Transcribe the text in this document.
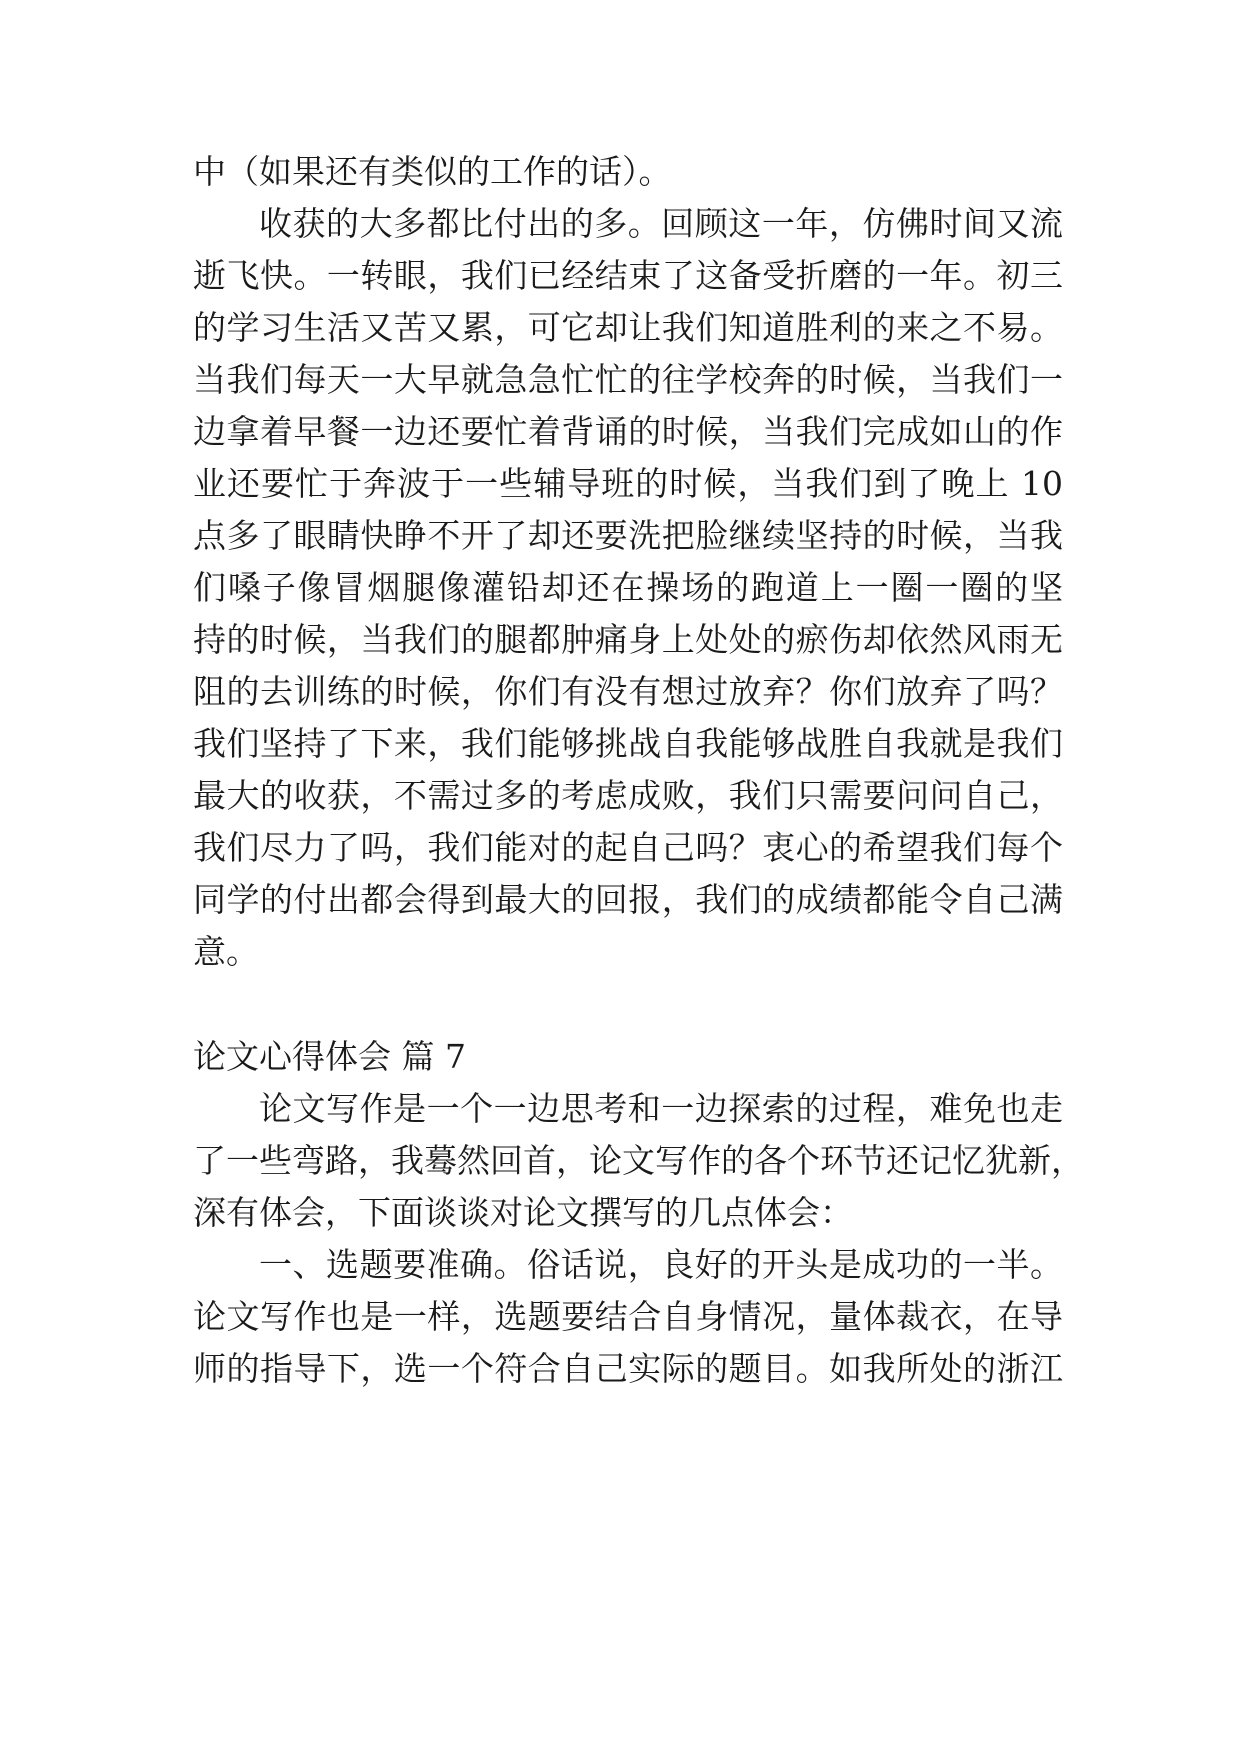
中（如果还有类似的工作的话）。
收获的大多都比付出的多。回顾这一年，仿佛时间又流
逝飞快。一转眼，我们已经结束了这备受折磨的一年。初三
的学习生活又苦又累，可它却让我们知道胜利的来之不易。
当我们每天一大早就急急忙忙的往学校奔的时候，当我们一
边拿着早餐一边还要忙着背诵的时候，当我们完成如山的作
业还要忙于奔波于一些辅导班的时候，当我们到了晚上 10
点多了眼睛快睁不开了却还要洗把脸继续坚持的时候，当我
们嗓子像冒烟腿像灌铅却还在操场的跑道上一圈一圈的坚
持的时候，当我们的腿都肿痛身上处处的瘀伤却依然风雨无
阻的去训练的时候，你们有没有想过放弃？你们放弃了吗？
我们坚持了下来，我们能够挑战自我能够战胜自我就是我们
最大的收获，不需过多的考虑成败，我们只需要问问自己，
我们尽力了吗，我们能对的起自己吗？衷心的希望我们每个
同学的付出都会得到最大的回报，我们的成绩都能令自己满
意。
论文心得体会 篇 7
论文写作是一个一边思考和一边探索的过程，难免也走
了一些弯路，我蓦然回首，论文写作的各个环节还记忆犹新，
深有体会，下面谈谈对论文撰写的几点体会：
一、选题要准确。俗话说，良好的开头是成功的一半。
论文写作也是一样，选题要结合自身情况，量体裁衣，在导
师的指导下，选一个符合自己实际的题目。如我所处的浙江
